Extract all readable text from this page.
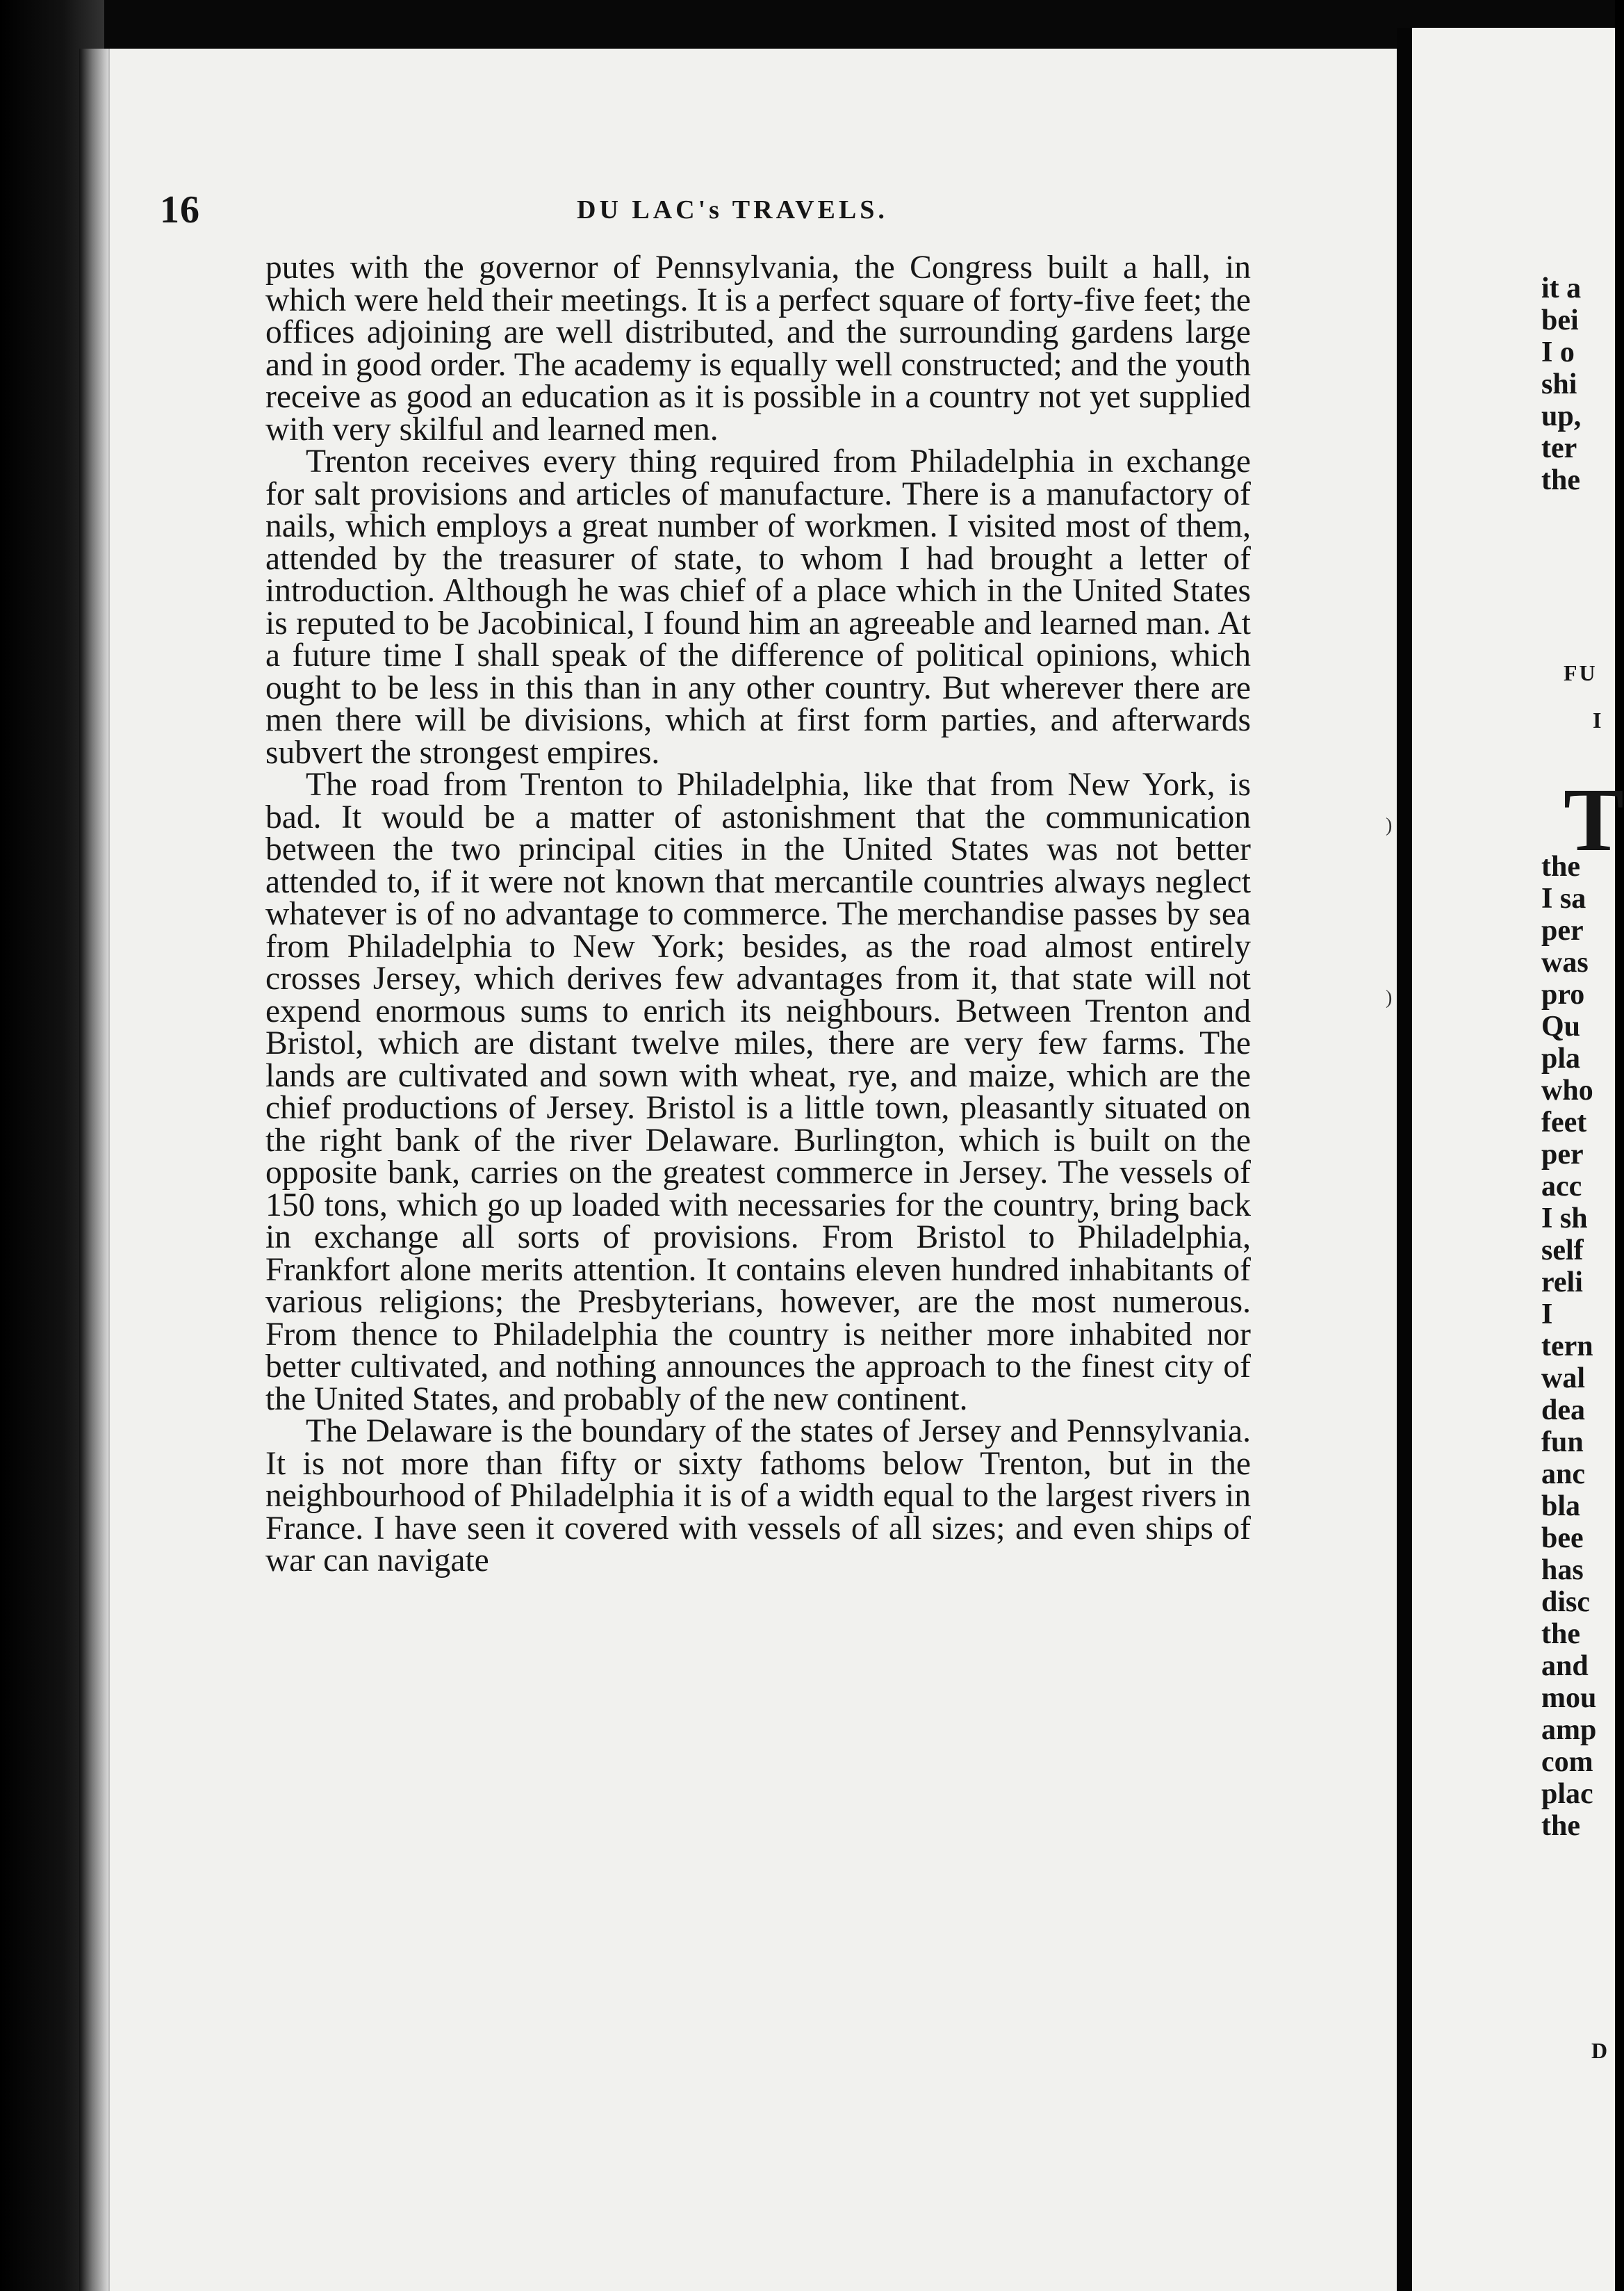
16	DU LAC's TRAVELS.

putes with the governor of Pennsylvania, the Congress built a hall, in which were held their meetings. It is a perfect square of forty-five feet; the offices adjoining are well distributed, and the surrounding gardens large and in good order. The academy is equally well constructed; and the youth receive as good an education as it is possible in a country not yet supplied with very skilful and learned men.

Trenton receives every thing required from Philadelphia in exchange for salt provisions and articles of manufacture. There is a manufactory of nails, which employs a great number of workmen. I visited most of them, attended by the treasurer of state, to whom I had brought a letter of introduction. Although he was chief of a place which in the United States is reputed to be Jacobinical, I found him an agreeable and learned man. At a future time I shall speak of the difference of political opinions, which ought to be less in this than in any other country. But wherever there are men there will be divisions, which at first form parties, and afterwards subvert the strongest empires.

The road from Trenton to Philadelphia, like that from New York, is bad. It would be a matter of astonishment that the communication between the two principal cities in the United States was not better attended to, if it were not known that mercantile countries always neglect whatever is of no advantage to commerce. The merchandise passes by sea from Philadelphia to New York; besides, as the road almost entirely crosses Jersey, which derives few advantages from it, that state will not expend enormous sums to enrich its neighbours. Between Trenton and Bristol, which are distant twelve miles, there are very few farms. The lands are cultivated and sown with wheat, rye, and maize, which are the chief productions of Jersey. Bristol is a little town, pleasantly situated on the right bank of the river Delaware. Burlington, which is built on the opposite bank, carries on the greatest commerce in Jersey. The vessels of 150 tons, which go up loaded with necessaries for the country, bring back in exchange all sorts of provisions. From Bristol to Philadelphia, Frankfort alone merits attention. It contains eleven hundred inhabitants of various religions; the Presbyterians, however, are the most numerous. From thence to Philadelphia the country is neither more inhabited nor better cultivated, and nothing announces the approach to the finest city of the United States, and probably of the new continent.

The Delaware is the boundary of the states of Jersey and Pennsylvania. It is not more than fifty or sixty fathoms below Trenton, but in the neighbourhood of Philadelphia it is of a width equal to the largest rivers in France. I have seen it covered with vessels of all sizes; and even ships of war can navigate

it a
bei
I o
shi
up,
ter
the
FU
I
T
the
I sa
per
was
pro
Qu
pla
who
feet
per
acc
I sh
self
reli
I
tern
wal
dea
fun
anc
bla
bee
has
disc
the
and
mou
amp
com
plac
the
D
)
)
